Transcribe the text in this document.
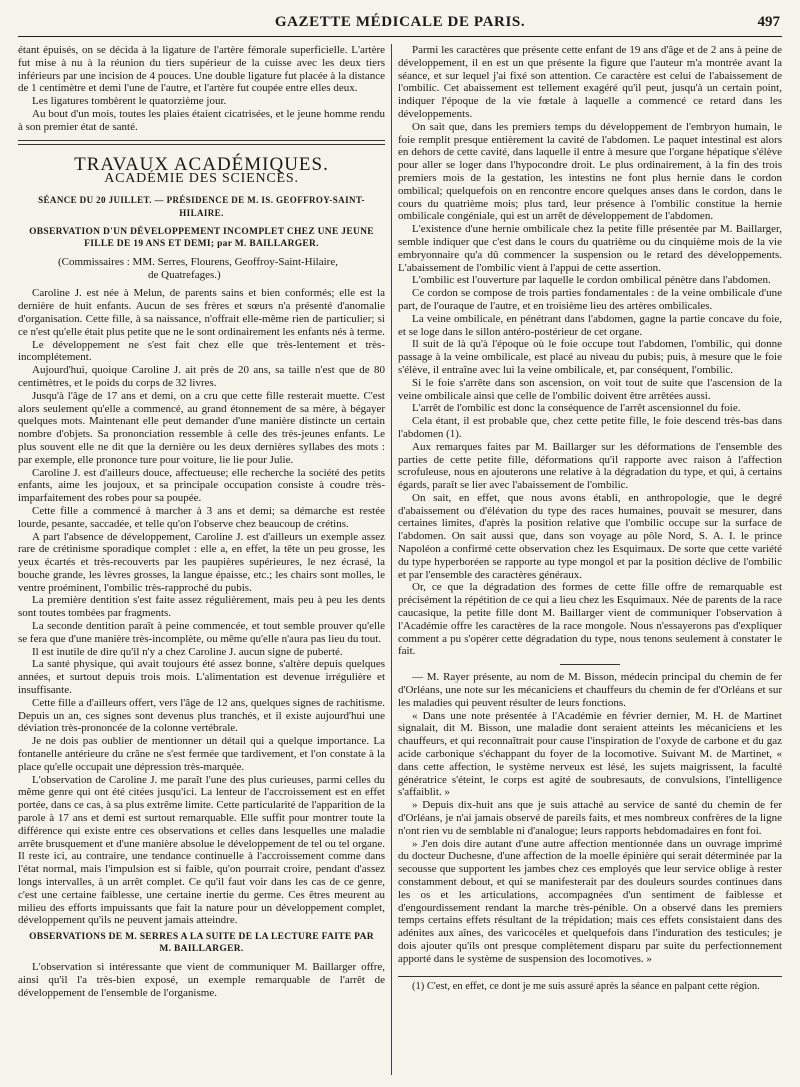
GAZETTE MÉDICALE DE PARIS.	497

étant épuisés, on se décida à la ligature de l'artère fémorale superficielle. L'artère fut mise à nu à la réunion du tiers supérieur de la cuisse avec les deux tiers inférieurs par une incision de 4 pouces. Une double ligature fut placée à la distance de 1 centimètre et demi l'une de l'autre, et l'artère fut coupée entre elles deux.

Les ligatures tombèrent le quatorzième jour.

Au bout d'un mois, toutes les plaies étaient cicatrisées, et le jeune homme rendu à son premier état de santé.

TRAVAUX ACADÉMIQUES.
ACADÉMIE DES SCIENCES.
SÉANCE DU 20 JUILLET. — PRÉSIDENCE DE M. IS. GEOFFROY-SAINT-HILAIRE.
OBSERVATION D'UN DÉVELOPPEMENT INCOMPLET CHEZ UNE JEUNE FILLE DE 19 ANS ET DEMI; par M. BAILLARGER.
(Commissaires : MM. Serres, Flourens, Geoffroy-Saint-Hilaire,
de Quatrefages.)

Caroline J. est née à Melun, de parents sains et bien conformés; elle est la dernière de huit enfants. Aucun de ses frères et sœurs n'a présenté d'anomalie d'organisation. Cette fille, à sa naissance, n'offrait elle-même rien de particulier; si ce n'est qu'elle était plus petite que ne le sont ordinairement les enfants nés à terme.

Le développement ne s'est fait chez elle que très-lentement et très-incomplétement.

Aujourd'hui, quoique Caroline J. ait près de 20 ans, sa taille n'est que de 80 centimètres, et le poids du corps de 32 livres.

Jusqu'à l'âge de 17 ans et demi, on a cru que cette fille resterait muette. C'est alors seulement qu'elle a commencé, au grand étonnement de sa mère, à bégayer quelques mots. Maintenant elle peut demander d'une manière distincte un certain nombre d'objets. Sa prononciation ressemble à celle des très-jeunes enfants. Le plus souvent elle ne dit que la dernière ou les deux dernières syllabes des mots : par exemple, elle prononce ture pour voiture, lie lie pour Julie.

Caroline J. est d'ailleurs douce, affectueuse; elle recherche la société des petits enfants, aime les joujoux, et sa principale occupation consiste à coudre très-imparfaitement des robes pour sa poupée.

Cette fille a commencé à marcher à 3 ans et demi; sa démarche est restée lourde, pesante, saccadée, et telle qu'on l'observe chez beaucoup de crétins.

A part l'absence de développement, Caroline J. est d'ailleurs un exemple assez rare de crétinisme sporadique complet : elle a, en effet, la tête un peu grosse, les yeux écartés et très-recouverts par les paupières supérieures, le nez écrasé, la bouche grande, les lèvres grosses, la langue épaisse, etc.; les chairs sont molles, le ventre proéminent, l'ombilic très-rapproché du pubis.

La première dentition s'est faite assez régulièrement, mais peu à peu les dents sont toutes tombées par fragments.

La seconde dentition paraît à peine commencée, et tout semble prouver qu'elle se fera que d'une manière très-incomplète, ou même qu'elle n'aura pas lieu du tout.

Il est inutile de dire qu'il n'y a chez Caroline J. aucun signe de puberté.

La santé physique, qui avait toujours été assez bonne, s'altère depuis quelques années, et surtout depuis trois mois. L'alimentation est devenue irrégulière et insuffisante.

Cette fille a d'ailleurs offert, vers l'âge de 12 ans, quelques signes de rachitisme. Depuis un an, ces signes sont devenus plus tranchés, et il existe aujourd'hui une déviation très-prononcée de la colonne vertébrale.

Je ne dois pas oublier de mentionner un détail qui a quelque importance. La fontanelle antérieure du crâne ne s'est fermée que tardivement, et l'on constate à la place qu'elle occupait une dépression très-marquée.

L'observation de Caroline J. me paraît l'une des plus curieuses, parmi celles du même genre qui ont été citées jusqu'ici. La lenteur de l'accroissement est en effet portée, dans ce cas, à sa plus extrême limite. Cette particularité de l'apparition de la parole à 17 ans et demi est surtout remarquable. Elle suffit pour montrer toute la différence qui existe entre ces observations et celles dans lesquelles une maladie arrête brusquement et d'une manière absolue le développement de tel ou tel organe. Il reste ici, au contraire, une tendance continuelle à l'accroissement comme dans l'état normal, mais l'impulsion est si faible, qu'on pourrait croire, pendant d'assez longs intervalles, à un arrêt complet. Ce qu'il faut voir dans les cas de ce genre, c'est une certaine faiblesse, une certaine inertie du germe. Ces êtres meurent au milieu des efforts impuissants que fait la nature pour un développement complet, développement qu'ils ne peuvent jamais atteindre.

OBSERVATIONS DE M. SERRES A LA SUITE DE LA LECTURE FAITE PAR M. BAILLARGER.

L'observation si intéressante que vient de communiquer M. Baillarger offre, ainsi qu'il l'a très-bien exposé, un exemple remarquable de l'arrêt de développement de l'ensemble de l'organisme.

Parmi les caractères que présente cette enfant de 19 ans d'âge et de 2 ans à peine de développement, il en est un que présente la figure que l'auteur m'a montrée avant la séance, et sur lequel j'ai fixé son attention. Ce caractère est celui de l'abaissement de l'ombilic. Cet abaissement est tellement exagéré qu'il peut, jusqu'à un certain point, indiquer l'époque de la vie fœtale à laquelle a commencé ce retard dans les développements.

On sait que, dans les premiers temps du développement de l'embryon humain, le foie remplit presque entièrement la cavité de l'abdomen. Le paquet intestinal est alors en dehors de cette cavité, dans laquelle il entre à mesure que l'organe hépatique s'élève pour aller se loger dans l'hypocondre droit. Le plus ordinairement, à la fin des trois premiers mois de la gestation, les intestins ne font plus hernie dans le cordon ombilical; quelquefois on en rencontre encore quelques anses dans le cordon, dans le cours du quatrième mois; plus tard, leur présence à l'ombilic constitue la hernie ombilicale congéniale, qui est un arrêt de développement de l'abdomen.

L'existence d'une hernie ombilicale chez la petite fille présentée par M. Baillarger, semble indiquer que c'est dans le cours du quatrième ou du cinquième mois de la vie embryonnaire qu'a dû commencer la suspension ou le retard des développements. L'abaissement de l'ombilic vient à l'appui de cette assertion.

L'ombilic est l'ouverture par laquelle le cordon ombilical pénètre dans l'abdomen.

Ce cordon se compose de trois parties fondamentales : de la veine ombilicale d'une part, de l'ouraque de l'autre, et en troisième lieu des artères ombilicales.

La veine ombilicale, en pénétrant dans l'abdomen, gagne la partie concave du foie, et se loge dans le sillon antéro-postérieur de cet organe.

Il suit de là qu'à l'époque où le foie occupe tout l'abdomen, l'ombilic, qui donne passage à la veine ombilicale, est placé au niveau du pubis; puis, à mesure que le foie s'élève, il entraîne avec lui la veine ombilicale, et, par conséquent, l'ombilic.

Si le foie s'arrête dans son ascension, on voit tout de suite que l'ascension de la veine ombilicale ainsi que celle de l'ombilic doivent être arrêtées aussi.

L'arrêt de l'ombilic est donc la conséquence de l'arrêt ascensionnel du foie.

Cela étant, il est probable que, chez cette petite fille, le foie descend très-bas dans l'abdomen (1).

Aux remarques faites par M. Baillarger sur les déformations de l'ensemble des parties de cette petite fille, déformations qu'il rapporte avec raison à l'affection scrofuleuse, nous en ajouterons une relative à la dégradation du type, et qui, à certains égards, paraît se lier avec l'abaissement de l'ombilic.

On sait, en effet, que nous avons établi, en anthropologie, que le degré d'abaissement ou d'élévation du type des races humaines, pouvait se mesurer, dans certaines limites, d'après la position relative que l'ombilic occupe sur la surface de l'abdomen. On sait aussi que, dans son voyage au pôle Nord, S. A. I. le prince Napoléon a confirmé cette observation chez les Esquimaux. De sorte que cette variété du type hyperboréen se rapporte au type mongol et par la position déclive de l'ombilic et par l'ensemble des caractères généraux.

Or, ce que la dégradation des formes de cette fille offre de remarquable est précisément la répétition de ce qui a lieu chez les Esquimaux. Née de parents de la race caucasique, la petite fille dont M. Baillarger vient de communiquer l'observation à l'Académie offre les caractères de la race mongole. Nous n'essayerons pas d'expliquer comment a pu s'opérer cette dégradation du type, nous tenons seulement à constater le fait.

— M. Rayer présente, au nom de M. Bisson, médecin principal du chemin de fer d'Orléans, une note sur les mécaniciens et chauffeurs du chemin de fer d'Orléans et sur les maladies qui peuvent résulter de leurs fonctions.

« Dans une note présentée à l'Académie en février dernier, M. H. de Martinet signalait, dit M. Bisson, une maladie dont seraient atteints les mécaniciens et les chauffeurs, et qui reconnaîtrait pour cause l'inspiration de l'oxyde de carbone et du gaz acide carbonique s'échappant du foyer de la locomotive. Suivant M. de Martinet, « dans cette affection, le système nerveux est lésé, les sujets maigrissent, la faculté génératrice s'éteint, le corps est agité de soubresauts, de convulsions, l'intelligence s'affaiblit. »

» Depuis dix-huit ans que je suis attaché au service de santé du chemin de fer d'Orléans, je n'ai jamais observé de pareils faits, et mes nombreux confrères de la ligne n'ont rien vu de semblable ni d'analogue; leurs rapports hebdomadaires en font foi.

» J'en dois dire autant d'une autre affection mentionnée dans un ouvrage imprimé du docteur Duchesne, d'une affection de la moelle épinière qui serait déterminée par la secousse que supportent les jambes chez ces employés que leur service oblige à rester constamment debout, et qui se manifesterait par des douleurs sourdes continues dans les os et les articulations, accompagnées d'un sentiment de faiblesse et d'engourdissement rendant la marche très-pénible. On a observé dans les premiers temps certains effets résultant de la trépidation; mais ces effets consistaient dans des adénites aux aînes, des varicocèles et quelquefois dans l'induration des testicules; je dois ajouter qu'ils ont presque complètement disparu par suite du perfectionnement apporté dans le système de suspension des locomotives. »

(1) C'est, en effet, ce dont je me suis assuré après la séance en palpant cette région.
